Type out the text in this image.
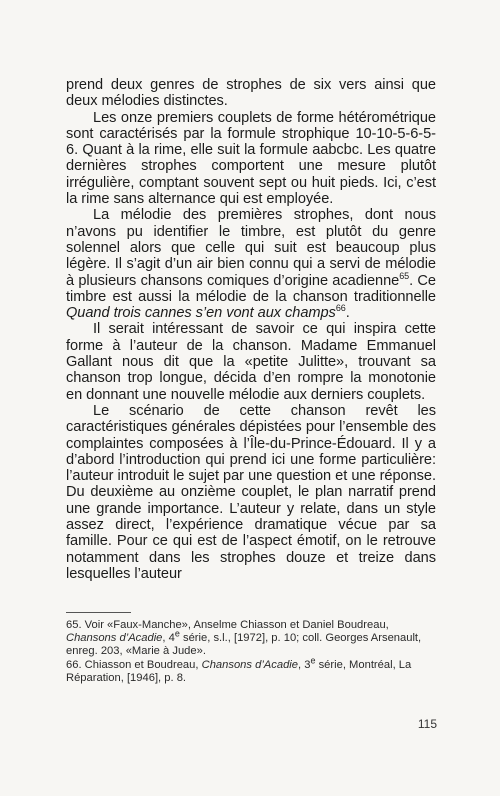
prend deux genres de strophes de six vers ainsi que deux mélodies distinctes.

Les onze premiers couplets de forme hétérométrique sont caractérisés par la formule strophique 10-10-5-6-5-6. Quant à la rime, elle suit la formule aabcbc. Les quatre dernières strophes comportent une mesure plutôt irrégulière, comptant souvent sept ou huit pieds. Ici, c’est la rime sans alternance qui est employée.

La mélodie des premières strophes, dont nous n’avons pu identifier le timbre, est plutôt du genre solennel alors que celle qui suit est beaucoup plus légère. Il s’agit d’un air bien connu qui a servi de mélodie à plusieurs chansons comiques d’origine acadienne$^{65}$. Ce timbre est aussi la mélodie de la chanson traditionnelle Quand trois cannes s’en vont aux champs$^{66}$.

Il serait intéressant de savoir ce qui inspira cette forme à l’auteur de la chanson. Madame Emmanuel Gallant nous dit que la «petite Julitte», trouvant sa chanson trop longue, décida d’en rompre la monotonie en donnant une nouvelle mélodie aux derniers couplets.

Le scénario de cette chanson revêt les caractéristiques générales dépistées pour l’ensemble des complaintes composées à l’Île-du-Prince-Édouard. Il y a d’abord l’introduction qui prend ici une forme particulière: l’auteur introduit le sujet par une question et une réponse. Du deuxième au onzième couplet, le plan narratif prend une grande importance. L’auteur y relate, dans un style assez direct, l’expérience dramatique vécue par sa famille. Pour ce qui est de l’aspect émotif, on le retrouve notamment dans les strophes douze et treize dans lesquelles l’auteur

65. Voir «Faux-Manche», Anselme Chiasson et Daniel Boudreau, Chansons d’Acadie, 4e série, s.l., [1972], p. 10; coll. Georges Arsenault, enreg. 203, «Marie à Jude».
66. Chiasson et Boudreau, Chansons d’Acadie, 3e série, Montréal, La Réparation, [1946], p. 8.
115
